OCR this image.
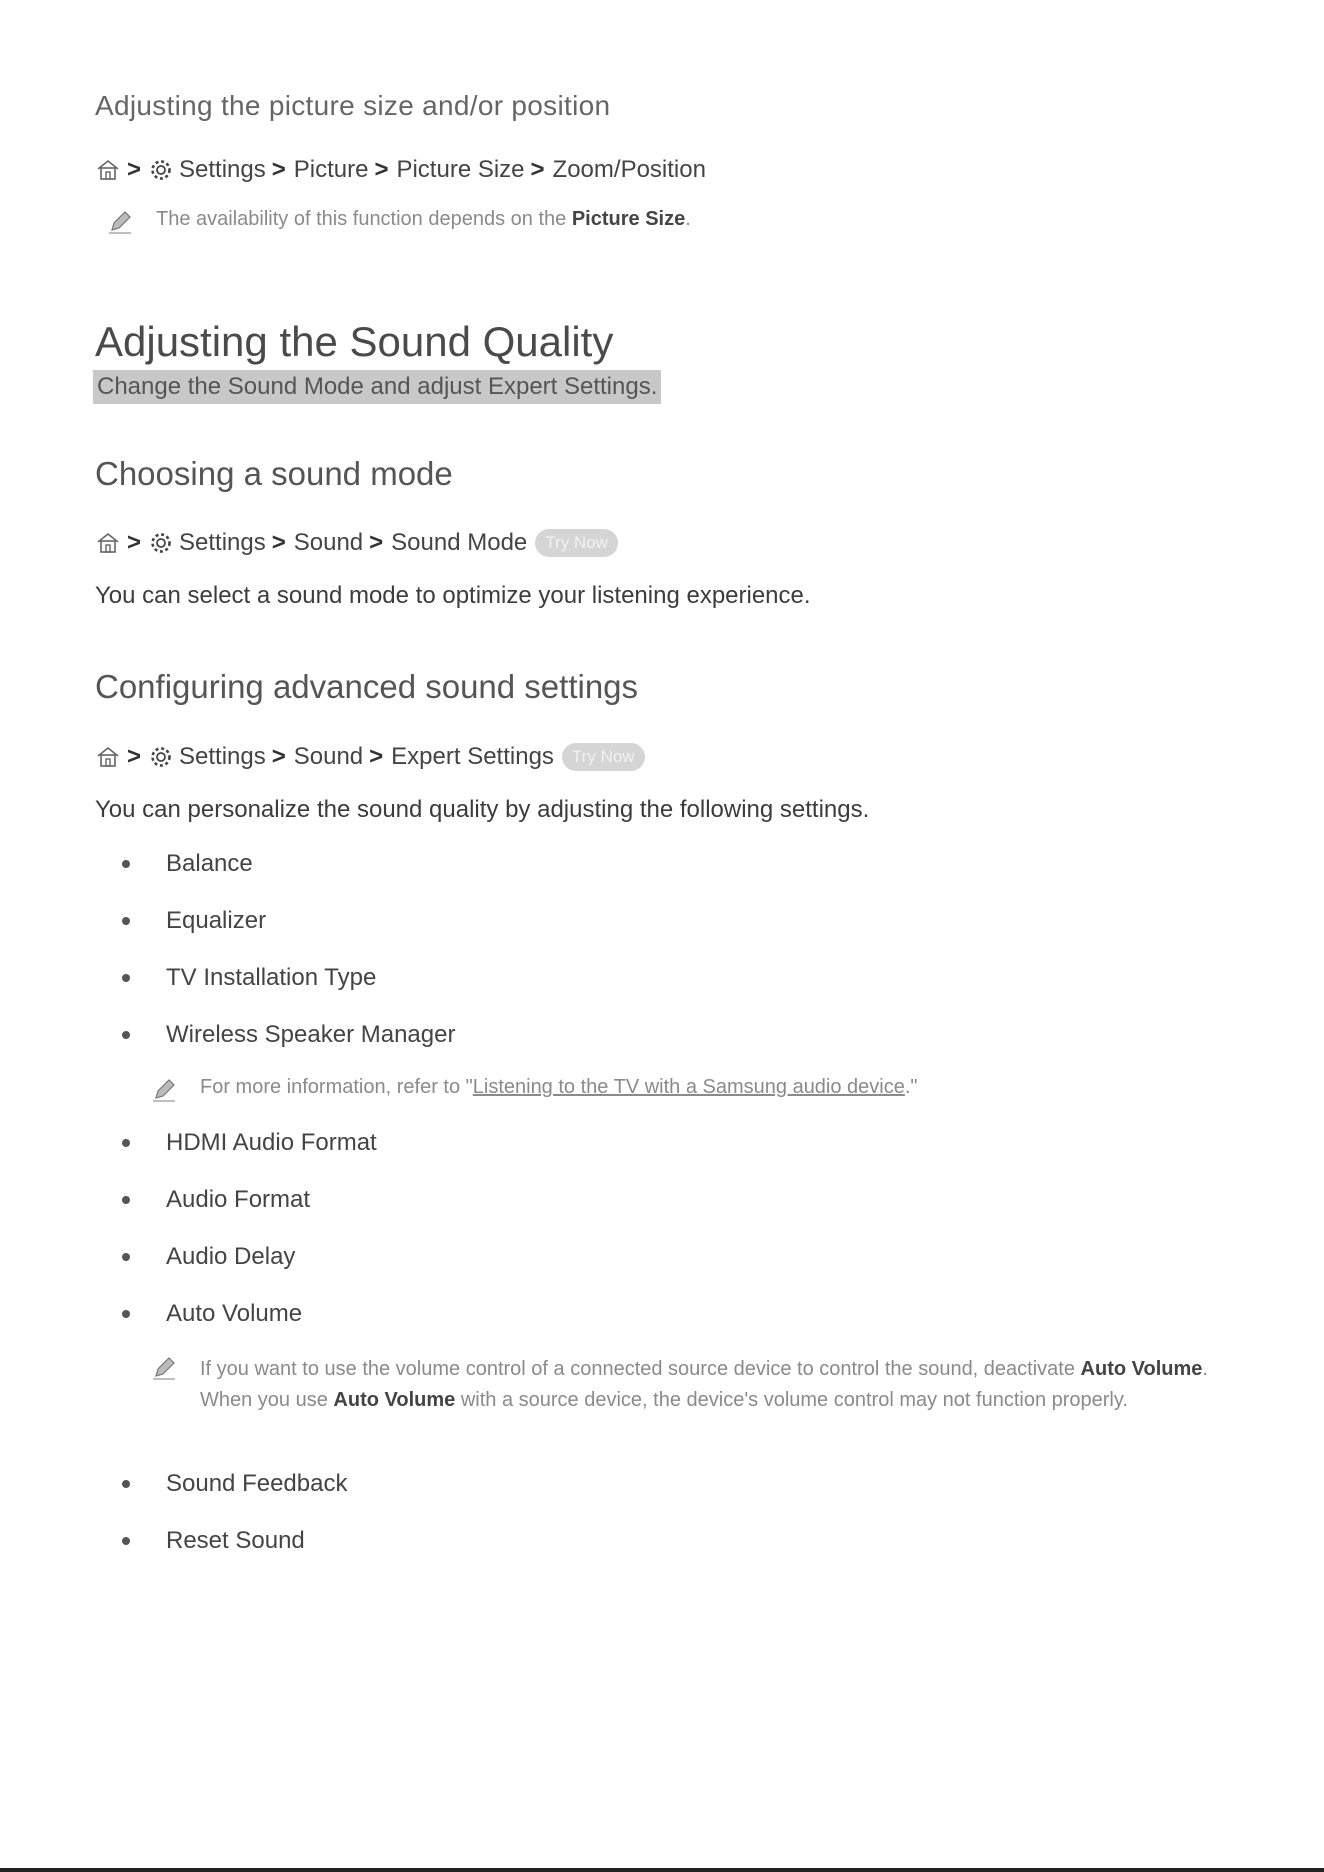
Adjusting the picture size and/or position
> Settings > Picture > Picture Size > Zoom/Position
The availability of this function depends on the Picture Size.
Adjusting the Sound Quality
Change the Sound Mode and adjust Expert Settings.
Choosing a sound mode
> Settings > Sound > Sound Mode	Try Now
You can select a sound mode to optimize your listening experience.
Configuring advanced sound settings
> Settings > Sound > Expert Settings	Try Now
You can personalize the sound quality by adjusting the following settings.
Balance
Equalizer
TV Installation Type
Wireless Speaker Manager
For more information, refer to "Listening to the TV with a Samsung audio device."
HDMI Audio Format
Audio Format
Audio Delay
Auto Volume
If you want to use the volume control of a connected source device to control the sound, deactivate Auto Volume. When you use Auto Volume with a source device, the device's volume control may not function properly.
Sound Feedback
Reset Sound
